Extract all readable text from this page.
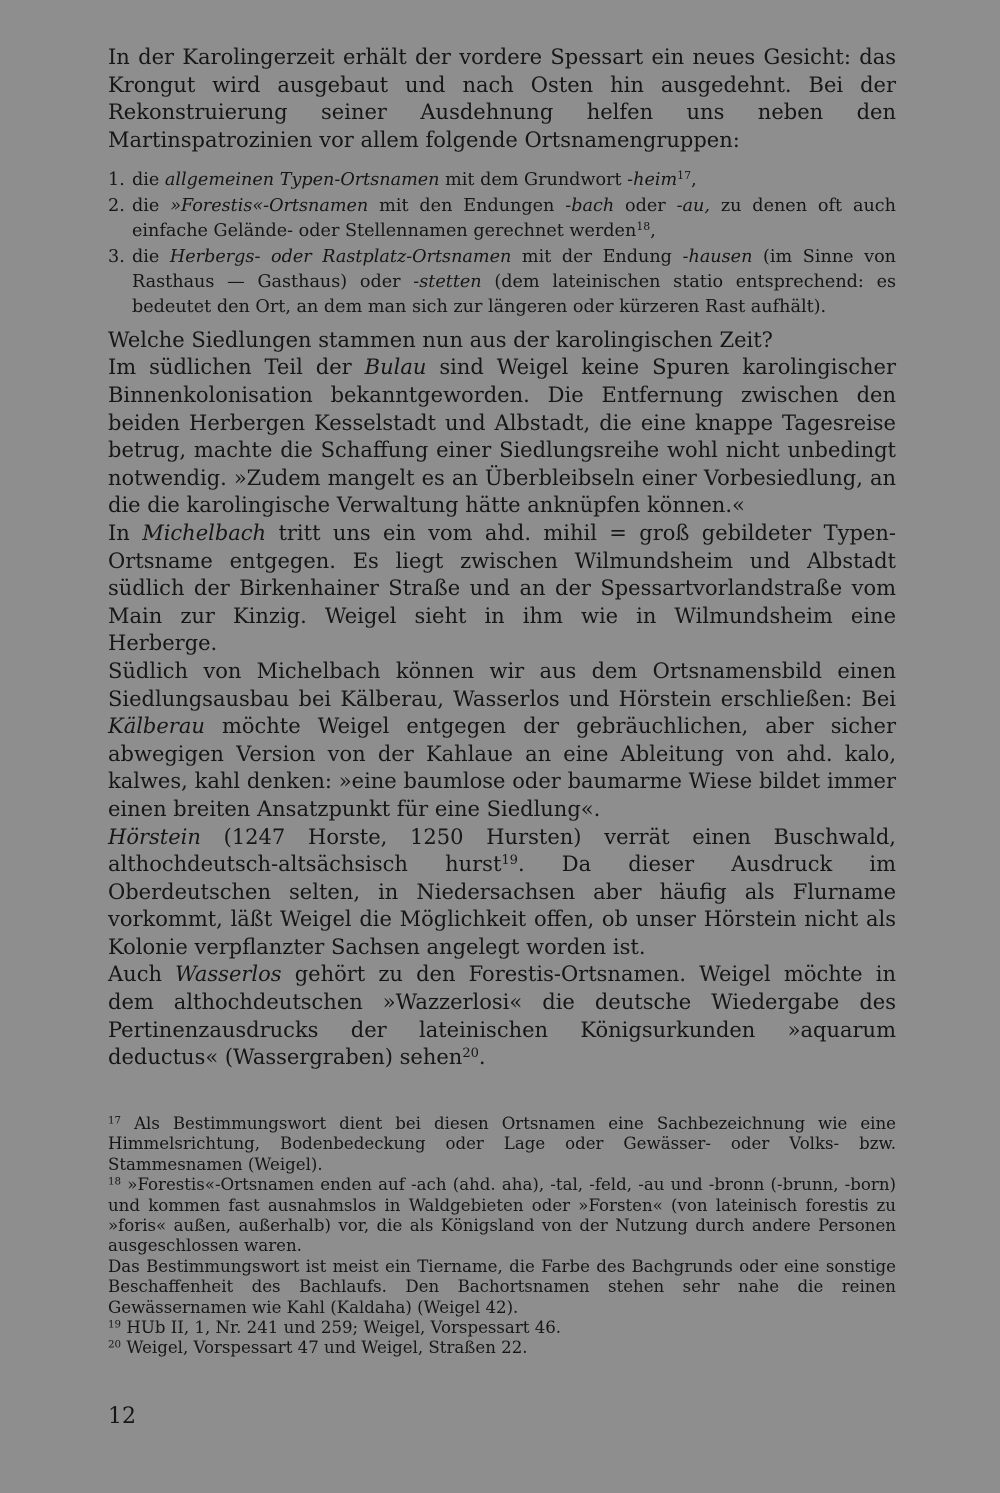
In der Karolingerzeit erhält der vordere Spessart ein neues Gesicht: das Krongut wird ausgebaut und nach Osten hin ausgedehnt. Bei der Rekonstruierung seiner Ausdehnung helfen uns neben den Martinspatrozinien vor allem folgende Ortsnamengruppen:

1. die allgemeinen Typen-Ortsnamen mit dem Grundwort -heim$^{17}$,
2. die »Forestis«-Ortsnamen mit den Endungen -bach oder -au, zu denen oft auch einfache Gelände- oder Stellennamen gerechnet werden$^{18}$,
3. die Herbergs- oder Rastplatz-Ortsnamen mit der Endung -hausen (im Sinne von Rasthaus — Gasthaus) oder -stetten (dem lateinischen statio entsprechend: es bedeutet den Ort, an dem man sich zur längeren oder kürzeren Rast aufhält).

Welche Siedlungen stammen nun aus der karolingischen Zeit?

Im südlichen Teil der Bulau sind Weigel keine Spuren karolingischer Binnenkolonisation bekanntgeworden. Die Entfernung zwischen den beiden Herbergen Kesselstadt und Albstadt, die eine knappe Tagesreise betrug, machte die Schaffung einer Siedlungsreihe wohl nicht unbedingt notwendig. »Zudem mangelt es an Überbleibseln einer Vorbesiedlung, an die die karolingische Verwaltung hätte anknüpfen können.«

In Michelbach tritt uns ein vom ahd. mihil = groß gebildeter Typen-Ortsname entgegen. Es liegt zwischen Wilmundsheim und Albstadt südlich der Birkenhainer Straße und an der Spessartvorlandstraße vom Main zur Kinzig. Weigel sieht in ihm wie in Wilmundsheim eine Herberge.

Südlich von Michelbach können wir aus dem Ortsnamensbild einen Siedlungsausbau bei Kälberau, Wasserlos und Hörstein erschließen: Bei Kälberau möchte Weigel entgegen der gebräuchlichen, aber sicher abwegigen Version von der Kahlaue an eine Ableitung von ahd. kalo, kalwes, kahl denken: »eine baumlose oder baumarme Wiese bildet immer einen breiten Ansatzpunkt für eine Siedlung«.

Hörstein (1247 Horste, 1250 Hursten) verrät einen Buschwald, althochdeutsch-altsächsisch hurst$^{19}$. Da dieser Ausdruck im Oberdeutschen selten, in Niedersachsen aber häufig als Flurname vorkommt, läßt Weigel die Möglichkeit offen, ob unser Hörstein nicht als Kolonie verpflanzter Sachsen angelegt worden ist.

Auch Wasserlos gehört zu den Forestis-Ortsnamen. Weigel möchte in dem althochdeutschen »Wazzerlosi« die deutsche Wiedergabe des Pertinenzausdrucks der lateinischen Königsurkunden »aquarum deductus« (Wassergraben) sehen$^{20}$.

$^{17}$ Als Bestimmungswort dient bei diesen Ortsnamen eine Sachbezeichnung wie eine Himmelsrichtung, Bodenbedeckung oder Lage oder Gewässer- oder Volks- bzw. Stammesnamen (Weigel).

$^{18}$ »Forestis«-Ortsnamen enden auf -ach (ahd. aha), -tal, -feld, -au und -bronn (-brunn, -born) und kommen fast ausnahmslos in Waldgebieten oder »Forsten« (von lateinisch forestis zu »foris« außen, außerhalb) vor, die als Königsland von der Nutzung durch andere Personen ausgeschlossen waren.

Das Bestimmungswort ist meist ein Tiername, die Farbe des Bachgrunds oder eine sonstige Beschaffenheit des Bachlaufs. Den Bachortsnamen stehen sehr nahe die reinen Gewässernamen wie Kahl (Kaldaha) (Weigel 42).

$^{19}$ HUb II, 1, Nr. 241 und 259; Weigel, Vorspessart 46.

$^{20}$ Weigel, Vorspessart 47 und Weigel, Straßen 22.

12
